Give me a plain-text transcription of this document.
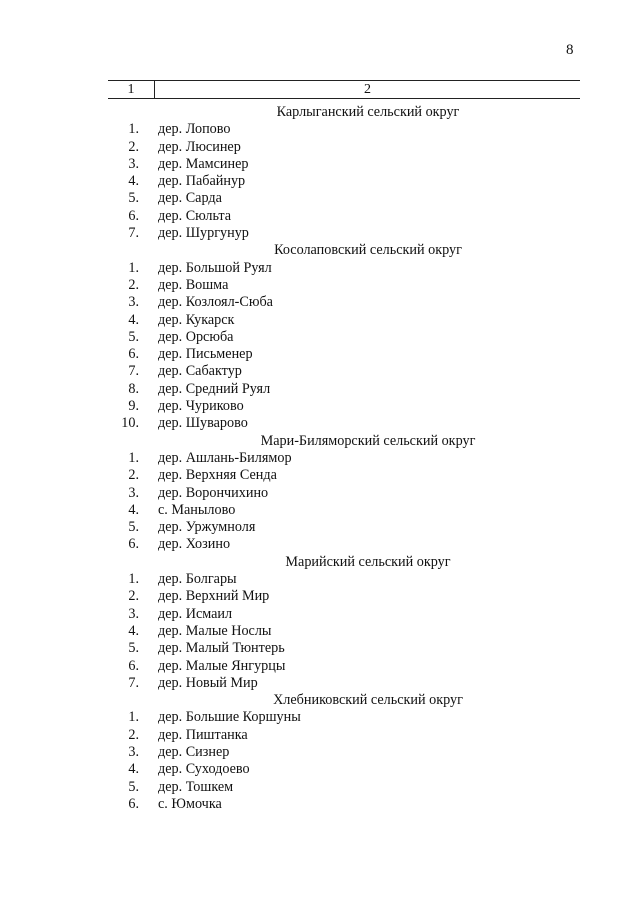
8
1	2
Карлыганский сельский округ
1. дер. Лопово
2. дер. Люсинер
3. дер. Мамсинер
4. дер. Пабайнур
5. дер. Сарда
6. дер. Сюльта
7. дер. Шургунур
Косолаповский сельский округ
1. дер. Большой Руял
2. дер. Вошма
3. дер. Козлоял-Сюба
4. дер. Кукарск
5. дер. Орсюба
6. дер. Письменер
7. дер. Сабактур
8. дер. Средний Руял
9. дер. Чуриково
10. дер. Шуварово
Мари-Билямoрский сельский округ
1. дер. Ашлань-Билямор
2. дер. Верхняя Сенда
3. дер. Ворончихино
4. с. Манылово
5. дер. Уржумноля
6. дер. Хозино
Марийский сельский округ
1. дер. Болгары
2. дер. Верхний Мир
3. дер. Исмаил
4. дер. Малые Ноcлы
5. дер. Малый Тюнтерь
6. дер. Малые Янгурцы
7. дер. Новый Мир
Хлебниковский сельский округ
1. дер. Большие Коршуны
2. дер. Пиштанка
3. дер. Сизнер
4. дер. Суходоево
5. дер. Тошкем
6. с. Юмочка
